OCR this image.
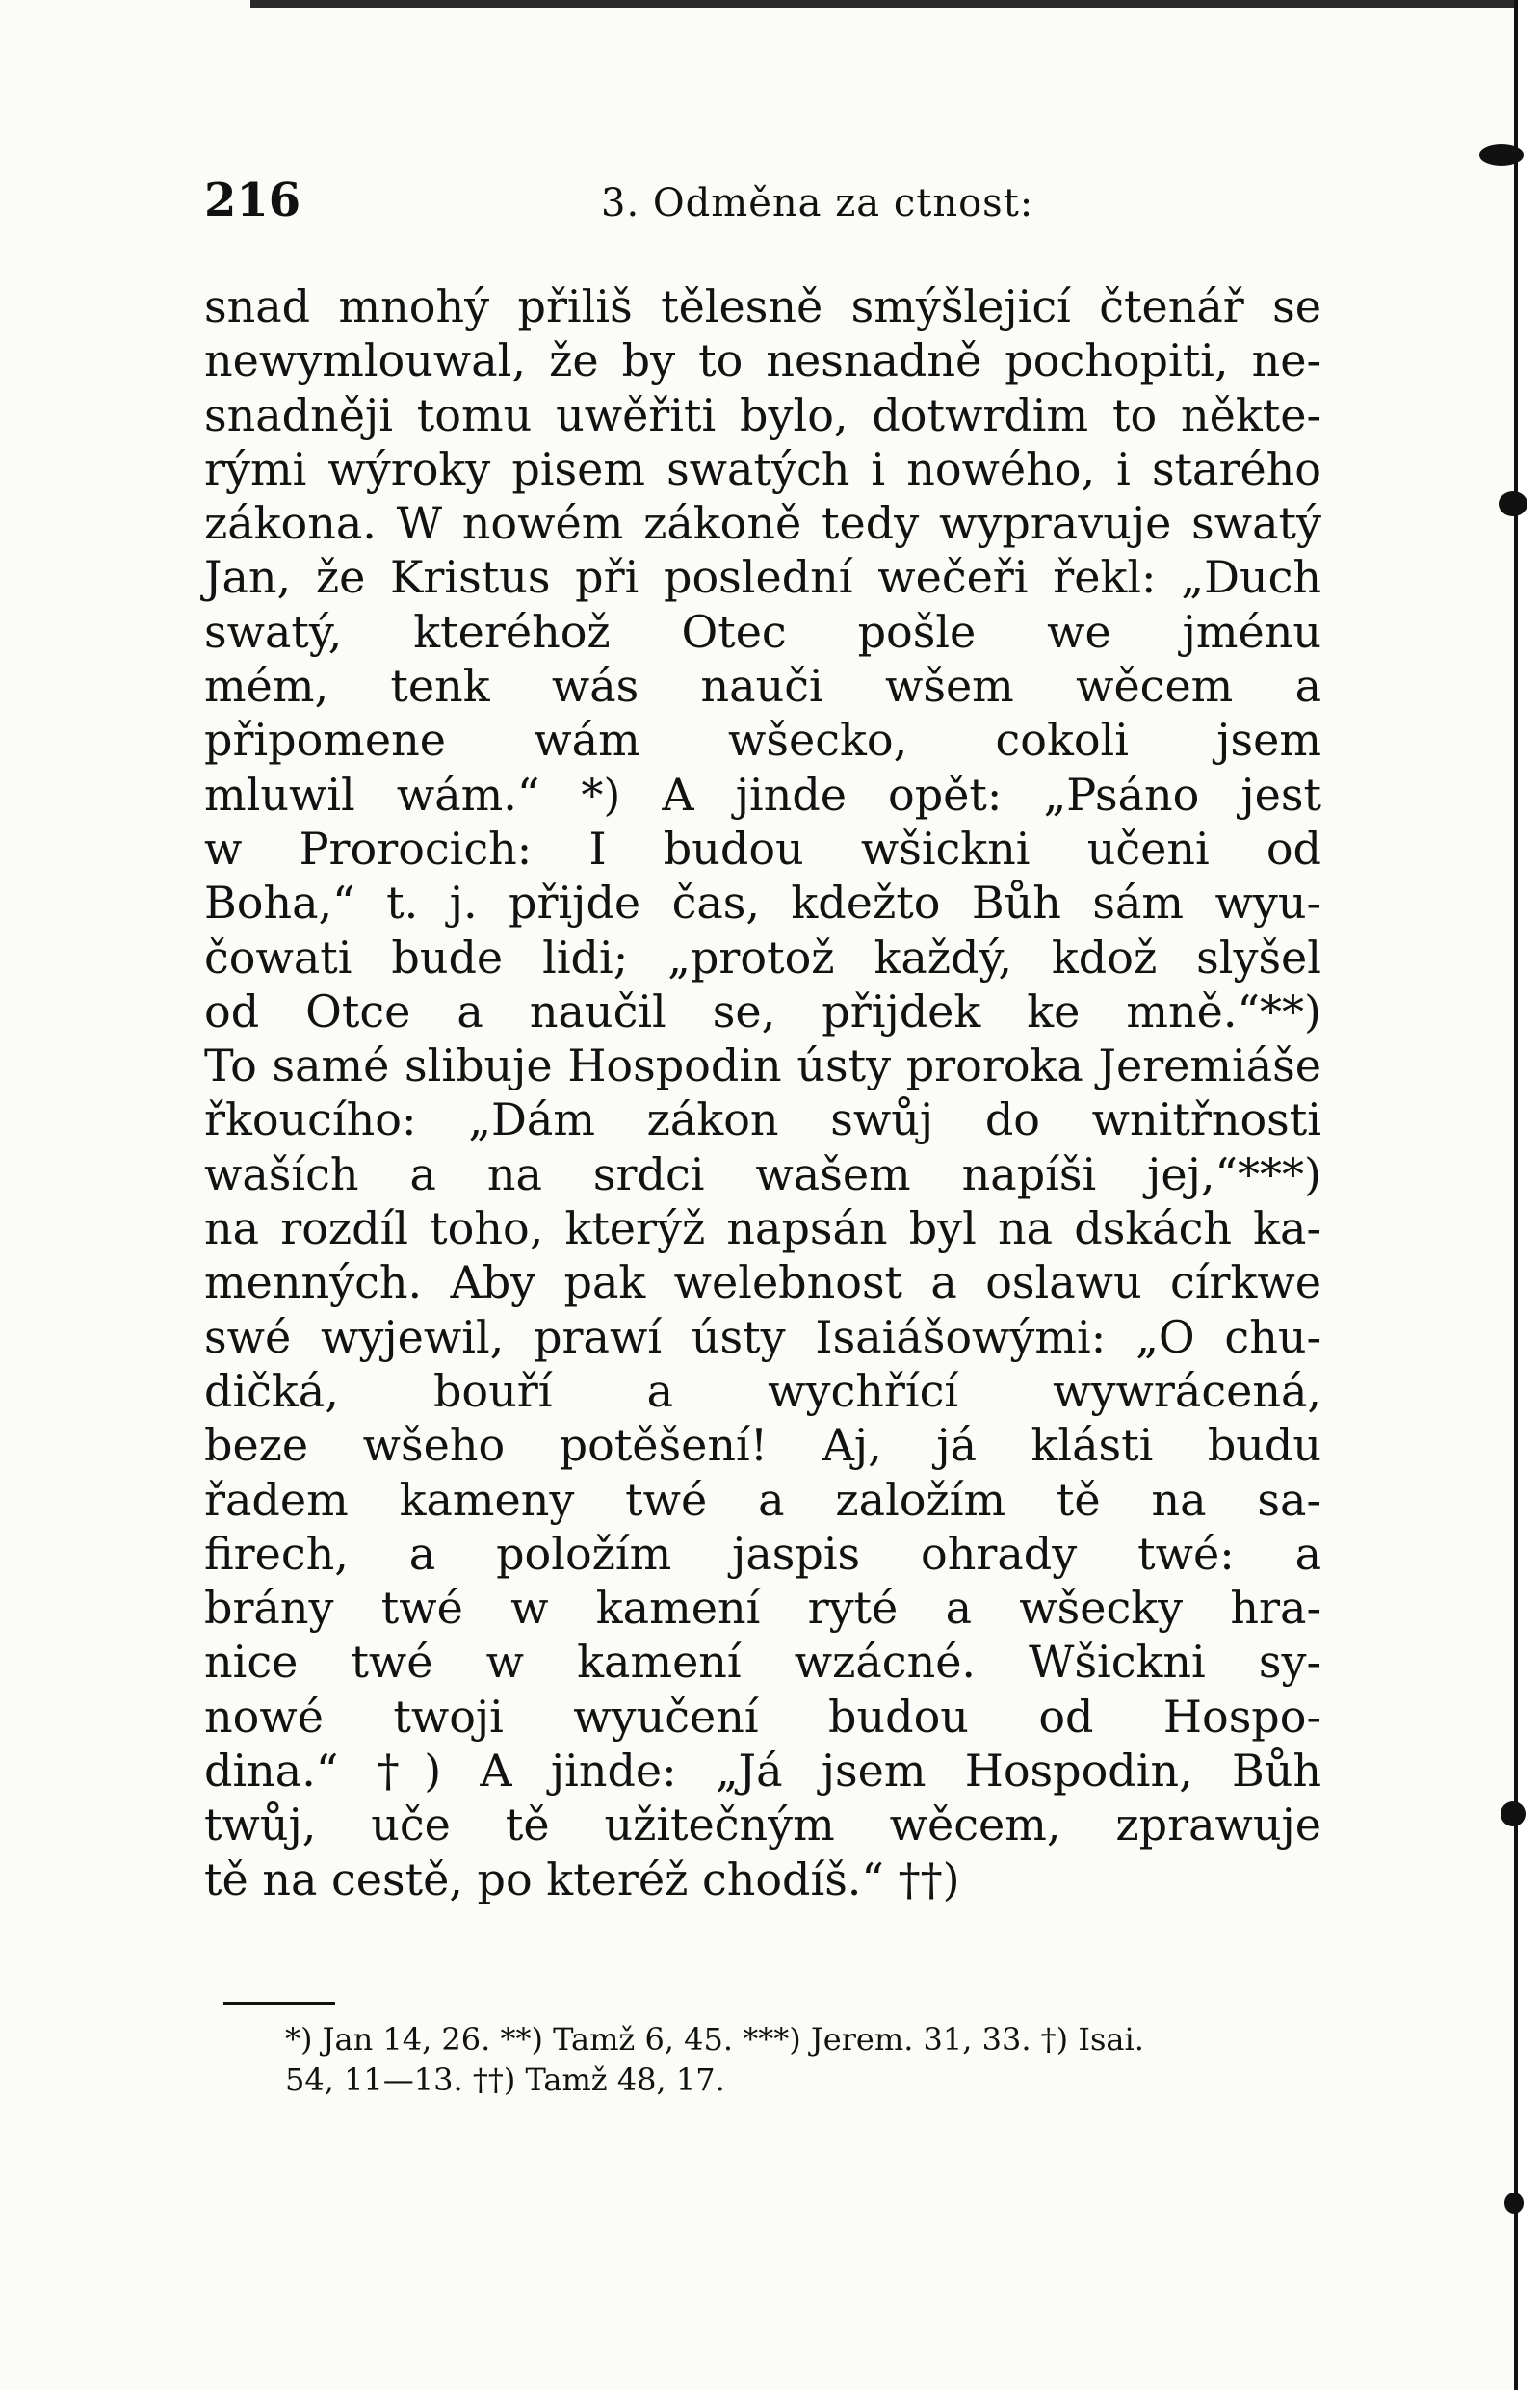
216	3. Odměna za ctnost:
snad mnohý přiliš tělesně smýšlejicí čtenář se
newymlouwal, že by to nesnadně pochopiti, ne-
snadněji tomu uwěřiti bylo, dotwrdim to někte-
rými wýroky pisem swatých i nowého, i starého
zákona. W nowém zákoně tedy wypravuje swatý
Jan, že Kristus při poslední wečeři řekl: „Duch
swatý, kteréhož Otec pošle we jménu
mém, tenk wás nauči wšem wěcem a
připomene wám wšecko, cokoli jsem
mluwil wám.“ *) A jinde opět: „Psáno jest
w Prorocich: I budou wšickni učeni od
Boha,“ t. j. přijde čas, kdežto Bůh sám wyu-
čowati bude lidi; „protož každý, kdož slyšel
od Otce a naučil se, přijdek ke mně.“**)
To samé slibuje Hospodin ústy proroka Jeremiáše
řkoucího: „Dám zákon swůj do wnitřnosti
waších a na srdci wašem napíši jej,“***)
na rozdíl toho, kterýž napsán byl na dskách ka-
menných. Aby pak welebnost a oslawu církwe
swé wyjewil, prawí ústy Isaiášowými: „O chu-
dičká, bouří a wychřící wywrácená,
beze wšeho potěšení! Aj, já klásti budu
řadem kameny twé a založím tě na sa-
firech, a položím jaspis ohrady twé: a
brány twé w kamení ryté a wšecky hra-
nice twé w kamení wzácné. Wšickni sy-
nowé twoji wyučení budou od Hospo-
dina.“ †) A jinde: „Já jsem Hospodin, Bůh
twůj, uče tě užitečným wěcem, zprawuje
tě na cestě, po kteréž chodíš.“ ††)
*) Jan 14, 26. **) Tamž 6, 45. ***) Jerem. 31, 33. †) Isai.
54, 11—13. ††) Tamž 48, 17.
